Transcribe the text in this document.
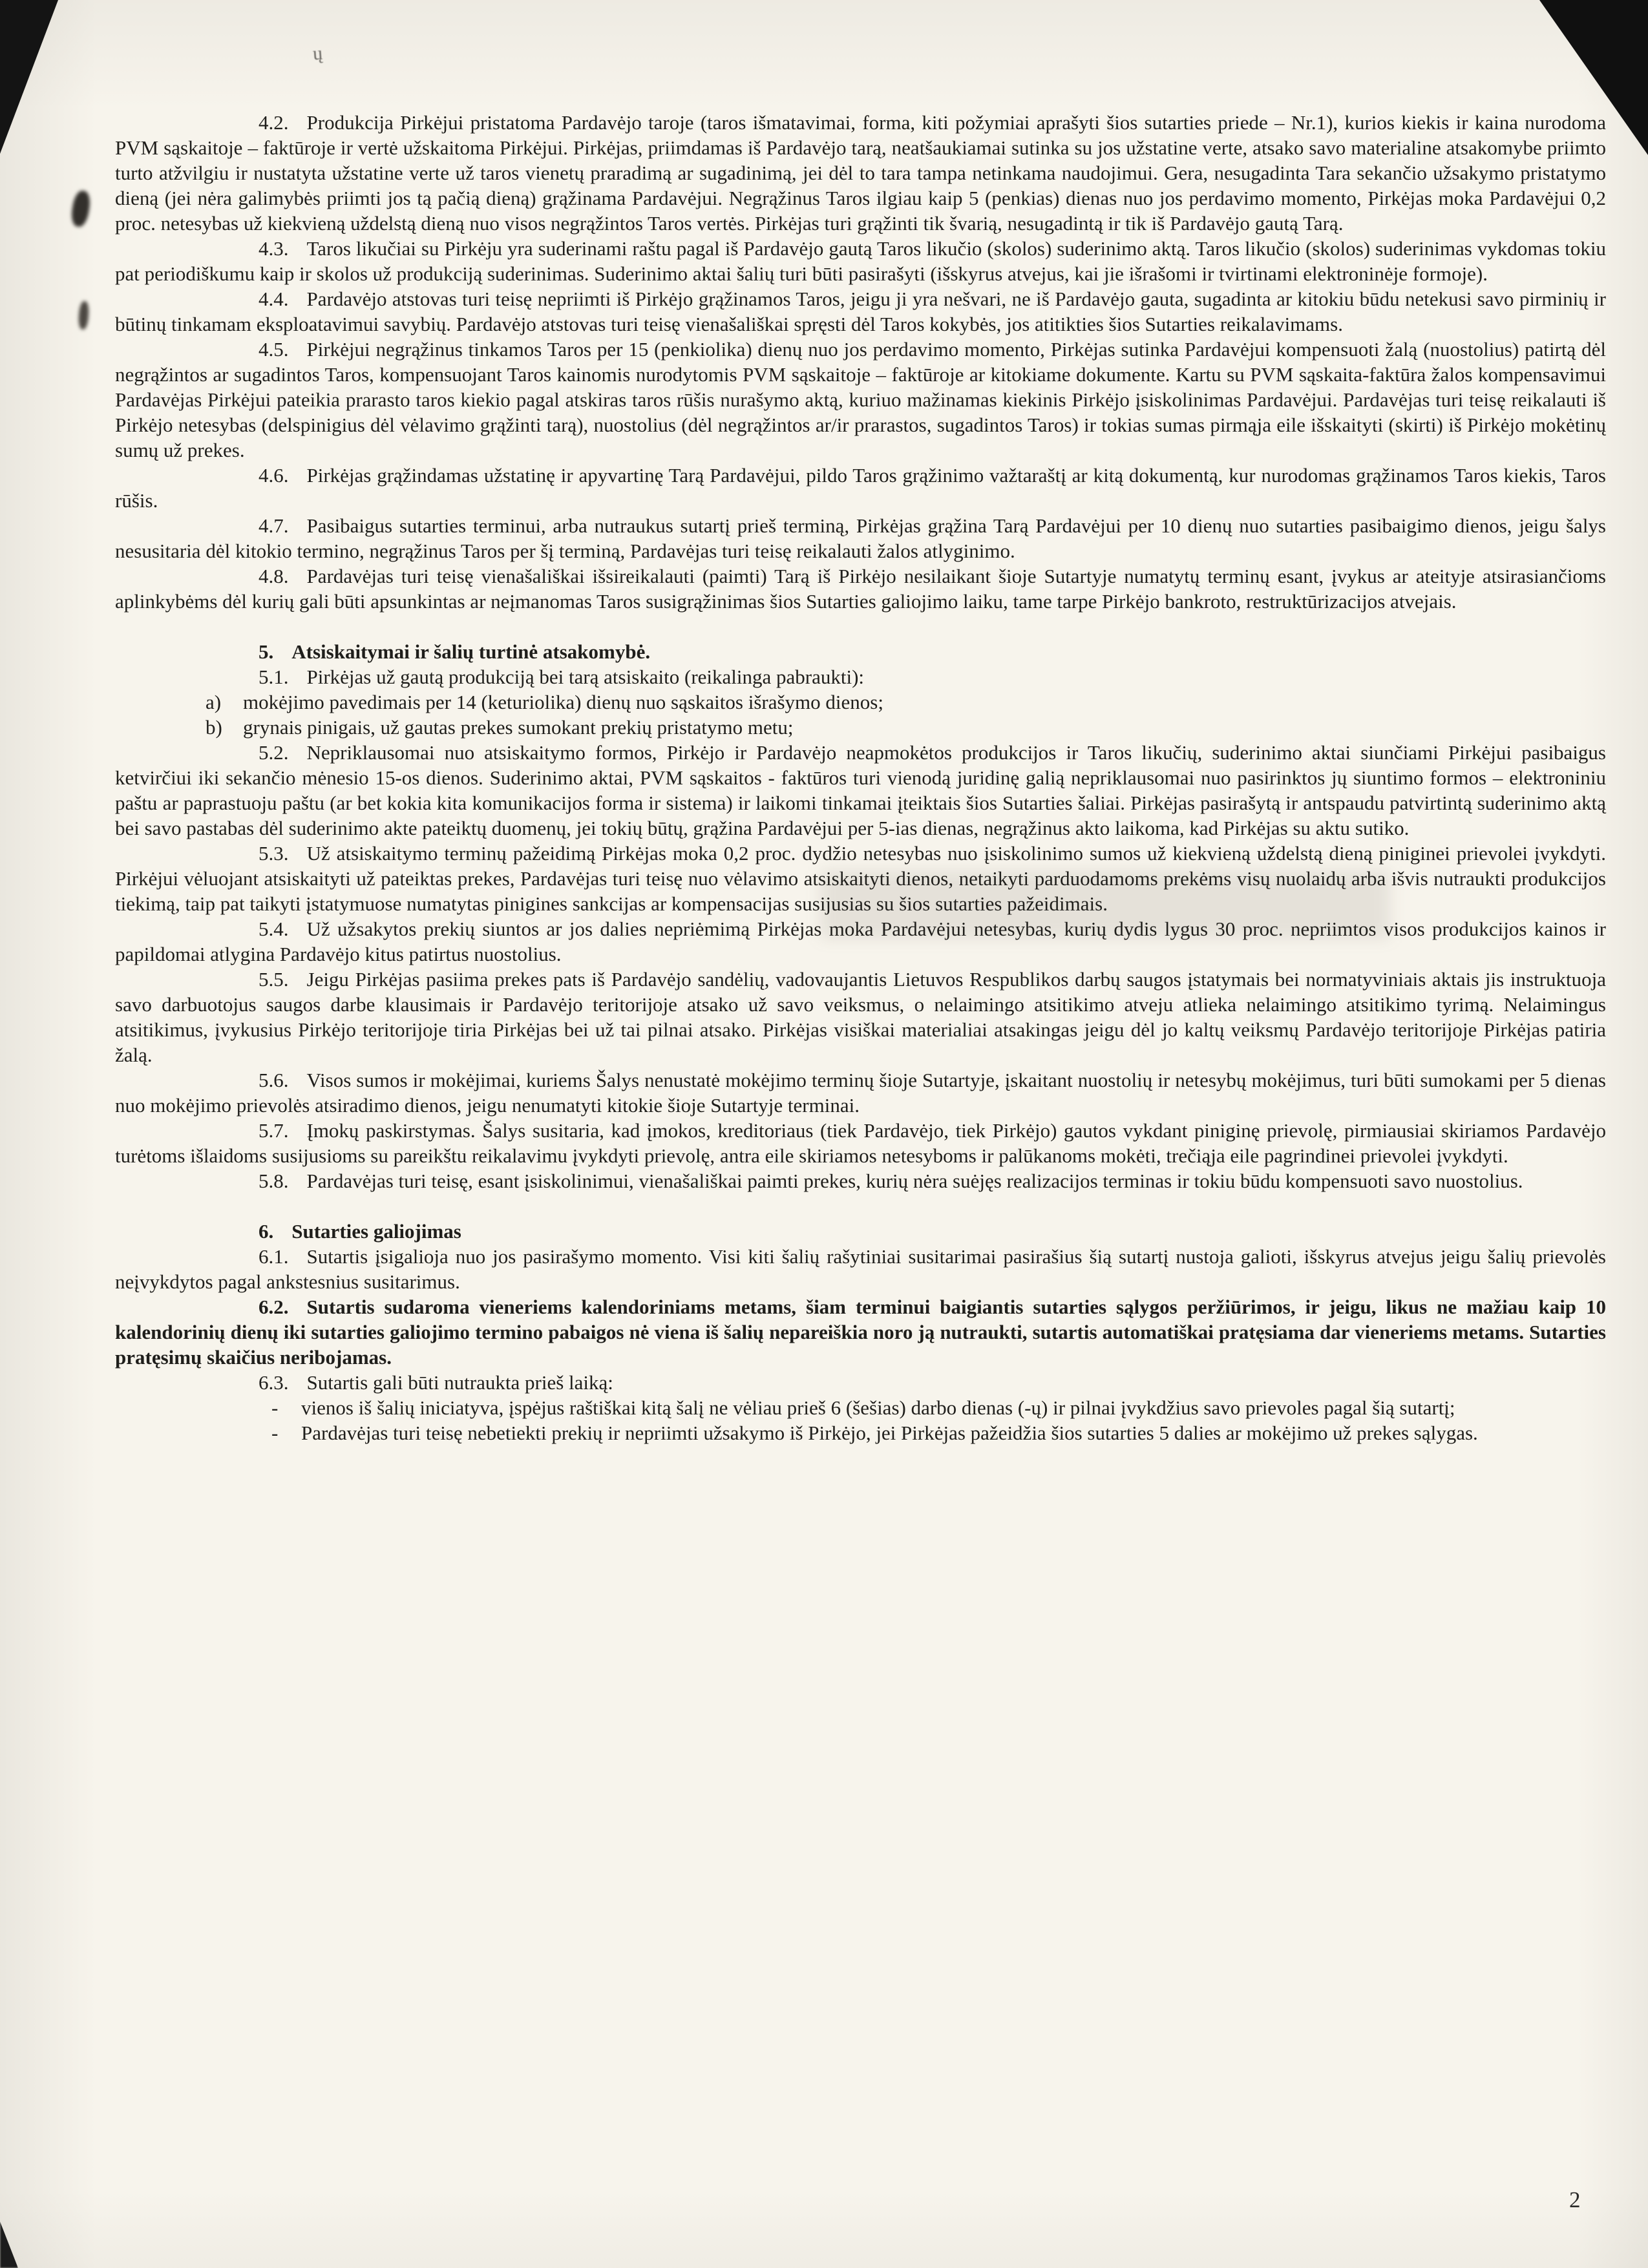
ų

4.2. Produkcija Pirkėjui pristatoma Pardavėjo taroje (taros išmatavimai, forma, kiti požymiai aprašyti šios sutarties priede – Nr.1), kurios kiekis ir kaina nurodoma PVM sąskaitoje – faktūroje ir vertė užskaitoma Pirkėjui. Pirkėjas, priimdamas iš Pardavėjo tarą, neatšaukiamai sutinka su jos užstatine verte, atsako savo materialine atsakomybe priimto turto atžvilgiu ir nustatyta užstatine verte už taros vienetų praradimą ar sugadinimą, jei dėl to tara tampa netinkama naudojimui. Gera, nesugadinta Tara sekančio užsakymo pristatymo dieną (jei nėra galimybės priimti jos tą pačią dieną) grąžinama Pardavėjui. Negrąžinus Taros ilgiau kaip 5 (penkias) dienas nuo jos perdavimo momento, Pirkėjas moka Pardavėjui 0,2 proc. netesybas už kiekvieną uždelstą dieną nuo visos negrąžintos Taros vertės. Pirkėjas turi grąžinti tik švarią, nesugadintą ir tik iš Pardavėjo gautą Tarą.

4.3. Taros likučiai su Pirkėju yra suderinami raštu pagal iš Pardavėjo gautą Taros likučio (skolos) suderinimo aktą. Taros likučio (skolos) suderinimas vykdomas tokiu pat periodiškumu kaip ir skolos už produkciją suderinimas. Suderinimo aktai šalių turi būti pasirašyti (išskyrus atvejus, kai jie išrašomi ir tvirtinami elektroninėje formoje).

4.4. Pardavėjo atstovas turi teisę nepriimti iš Pirkėjo grąžinamos Taros, jeigu ji yra nešvari, ne iš Pardavėjo gauta, sugadinta ar kitokiu būdu netekusi savo pirminių ir būtinų tinkamam eksploatavimui savybių. Pardavėjo atstovas turi teisę vienašališkai spręsti dėl Taros kokybės, jos atitikties šios Sutarties reikalavimams.

4.5. Pirkėjui negrąžinus tinkamos Taros per 15 (penkiolika) dienų nuo jos perdavimo momento, Pirkėjas sutinka Pardavėjui kompensuoti žalą (nuostolius) patirtą dėl negrąžintos ar sugadintos Taros, kompensuojant Taros kainomis nurodytomis PVM sąskaitoje – faktūroje ar kitokiame dokumente. Kartu su PVM sąskaita-faktūra žalos kompensavimui Pardavėjas Pirkėjui pateikia prarasto taros kiekio pagal atskiras taros rūšis nurašymo aktą, kuriuo mažinamas kiekinis Pirkėjo įsiskolinimas Pardavėjui. Pardavėjas turi teisę reikalauti iš Pirkėjo netesybas (delspinigius dėl vėlavimo grąžinti tarą), nuostolius (dėl negrąžintos ar/ir prarastos, sugadintos Taros) ir tokias sumas pirmąja eile išskaityti (skirti) iš Pirkėjo mokėtinų sumų už prekes.

4.6. Pirkėjas grąžindamas užstatinę ir apyvartinę Tarą Pardavėjui, pildo Taros grąžinimo važtaraštį ar kitą dokumentą, kur nurodomas grąžinamos Taros kiekis, Taros rūšis.

4.7. Pasibaigus sutarties terminui, arba nutraukus sutartį prieš terminą, Pirkėjas grąžina Tarą Pardavėjui per 10 dienų nuo sutarties pasibaigimo dienos, jeigu šalys nesusitaria dėl kitokio termino, negrąžinus Taros per šį terminą, Pardavėjas turi teisę reikalauti žalos atlyginimo.

4.8. Pardavėjas turi teisę vienašališkai išsireikalauti (paimti) Tarą iš Pirkėjo nesilaikant šioje Sutartyje numatytų terminų esant, įvykus ar ateityje atsirasiančioms aplinkybėms dėl kurių gali būti apsunkintas ar neįmanomas Taros susigrąžinimas šios Sutarties galiojimo laiku, tame tarpe Pirkėjo bankroto, restruktūrizacijos atvejais.

5. Atsiskaitymai ir šalių turtinė atsakomybė.

5.1. Pirkėjas už gautą produkciją bei tarą atsiskaito (reikalinga pabraukti):

a)	mokėjimo pavedimais per 14 (keturiolika) dienų nuo sąskaitos išrašymo dienos;
b)	grynais pinigais, už gautas prekes sumokant prekių pristatymo metu;

5.2. Nepriklausomai nuo atsiskaitymo formos, Pirkėjo ir Pardavėjo neapmokėtos produkcijos ir Taros likučių, suderinimo aktai siunčiami Pirkėjui pasibaigus ketvirčiui iki sekančio mėnesio 15-os dienos. Suderinimo aktai, PVM sąskaitos - faktūros turi vienodą juridinę galią nepriklausomai nuo pasirinktos jų siuntimo formos – elektroniniu paštu ar paprastuoju paštu (ar bet kokia kita komunikacijos forma ir sistema) ir laikomi tinkamai įteiktais šios Sutarties šaliai. Pirkėjas pasirašytą ir antspaudu patvirtintą suderinimo aktą bei savo pastabas dėl suderinimo akte pateiktų duomenų, jei tokių būtų, grąžina Pardavėjui per 5-ias dienas, negrąžinus akto laikoma, kad Pirkėjas su aktu sutiko.

5.3. Už atsiskaitymo terminų pažeidimą Pirkėjas moka 0,2 proc. dydžio netesybas nuo įsiskolinimo sumos už kiekvieną uždelstą dieną piniginei prievolei įvykdyti. Pirkėjui vėluojant atsiskaityti už pateiktas prekes, Pardavėjas turi teisę nuo vėlavimo atsiskaityti dienos, netaikyti parduodamoms prekėms visų nuolaidų arba išvis nutraukti produkcijos tiekimą, taip pat taikyti įstatymuose numatytas pinigines sankcijas ar kompensacijas susijusias su šios sutarties pažeidimais.

5.4. Už užsakytos prekių siuntos ar jos dalies nepriėmimą Pirkėjas moka Pardavėjui netesybas, kurių dydis lygus 30 proc. nepriimtos visos produkcijos kainos ir papildomai atlygina Pardavėjo kitus patirtus nuostolius.

5.5. Jeigu Pirkėjas pasiima prekes pats iš Pardavėjo sandėlių, vadovaujantis Lietuvos Respublikos darbų saugos įstatymais bei normatyviniais aktais jis instruktuoja savo darbuotojus saugos darbe klausimais ir Pardavėjo teritorijoje atsako už savo veiksmus, o nelaimingo atsitikimo atveju atlieka nelaimingo atsitikimo tyrimą. Nelaimingus atsitikimus, įvykusius Pirkėjo teritorijoje tiria Pirkėjas bei už tai pilnai atsako. Pirkėjas visiškai materialiai atsakingas jeigu dėl jo kaltų veiksmų Pardavėjo teritorijoje Pirkėjas patiria žalą.

5.6. Visos sumos ir mokėjimai, kuriems Šalys nenustatė mokėjimo terminų šioje Sutartyje, įskaitant nuostolių ir netesybų mokėjimus, turi būti sumokami per 5 dienas nuo mokėjimo prievolės atsiradimo dienos, jeigu nenumatyti kitokie šioje Sutartyje terminai.

5.7. Įmokų paskirstymas. Šalys susitaria, kad įmokos, kreditoriaus (tiek Pardavėjo, tiek Pirkėjo) gautos vykdant piniginę prievolę, pirmiausiai skiriamos Pardavėjo turėtoms išlaidoms susijusioms su pareikštu reikalavimu įvykdyti prievolę, antra eile skiriamos netesyboms ir palūkanoms mokėti, trečiąja eile pagrindinei prievolei įvykdyti.

5.8. Pardavėjas turi teisę, esant įsiskolinimui, vienašališkai paimti prekes, kurių nėra suėjęs realizacijos terminas ir tokiu būdu kompensuoti savo nuostolius.

6. Sutarties galiojimas

6.1. Sutartis įsigalioja nuo jos pasirašymo momento. Visi kiti šalių rašytiniai susitarimai pasirašius šią sutartį nustoja galioti, išskyrus atvejus jeigu šalių prievolės neįvykdytos pagal ankstesnius susitarimus.

6.2. Sutartis sudaroma vieneriems kalendoriniams metams, šiam terminui baigiantis sutarties sąlygos peržiūrimos, ir jeigu, likus ne mažiau kaip 10 kalendorinių dienų iki sutarties galiojimo termino pabaigos nė viena iš šalių nepareiškia noro ją nutraukti, sutartis automatiškai pratęsiama dar vieneriems metams. Sutarties pratęsimų skaičius neribojamas.

6.3. Sutartis gali būti nutraukta prieš laiką:

-	vienos iš šalių iniciatyva, įspėjus raštiškai kitą šalį ne vėliau prieš 6 (šešias) darbo dienas (-ų) ir pilnai įvykdžius savo prievoles pagal šią sutartį;
-	Pardavėjas turi teisę nebetiekti prekių ir nepriimti užsakymo iš Pirkėjo, jei Pirkėjas pažeidžia šios sutarties 5 dalies ar mokėjimo už prekes sąlygas.
2
